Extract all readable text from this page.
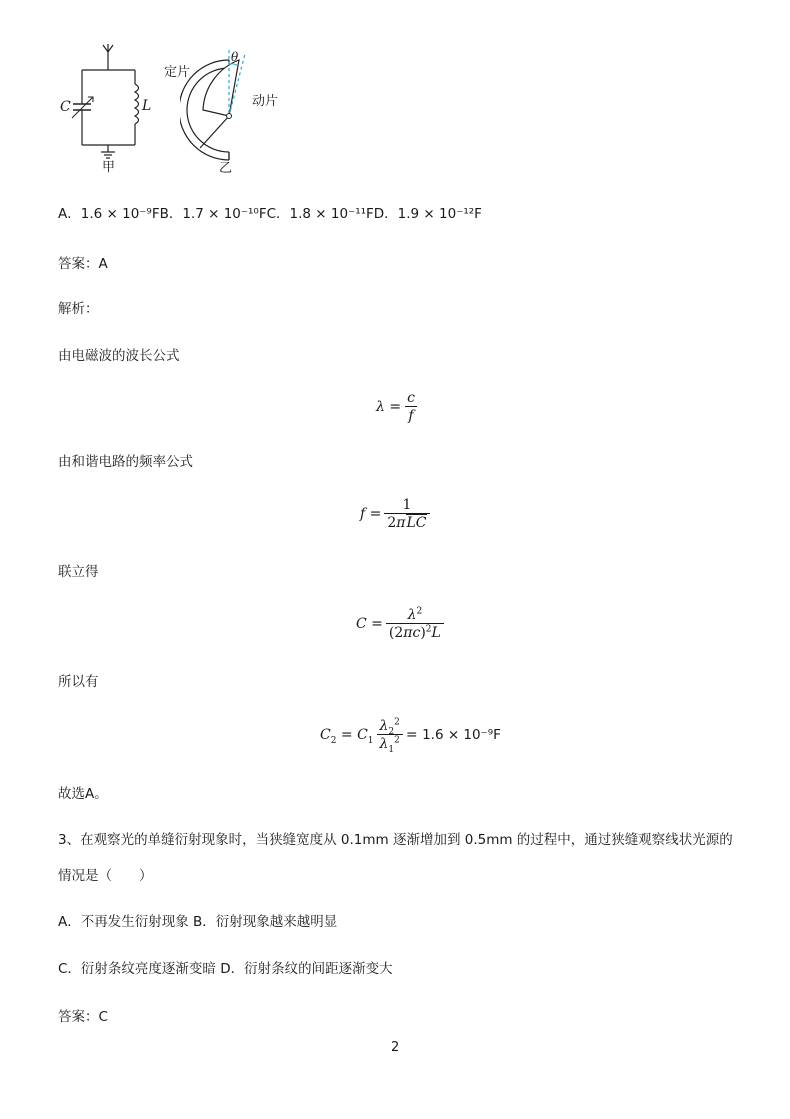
C	L
甲
定片
θ
动片
乙
A．1.6 × 10⁻⁹FB．1.7 × 10⁻¹⁰FC．1.8 × 10⁻¹¹FD．1.9 × 10⁻¹²F
答案：A
解析：
由电磁波的波长公式
$\lambda = \frac{c}{f}$
由和谐电路的频率公式
$f = \frac{1}{\text{2πLC}}$
联立得
$C = \frac{\lambda^2}{(2\pi c)^2L}$
所以有
$C_2 = C_1 \frac{\lambda_2^2}{\lambda_1^2} = 1.6 \times 10^{-9}F$
故选A。
3、在观察光的单缝衍射现象时，当狭缝宽度从 0.1mm 逐渐增加到 0.5mm 的过程中，通过狭缝观察线状光源的
情况是（　　）
A．不再发生衍射现象 B．衍射现象越来越明显
C．衍射条纹亮度逐渐变暗 D．衍射条纹的间距逐渐变大
答案：C
2
